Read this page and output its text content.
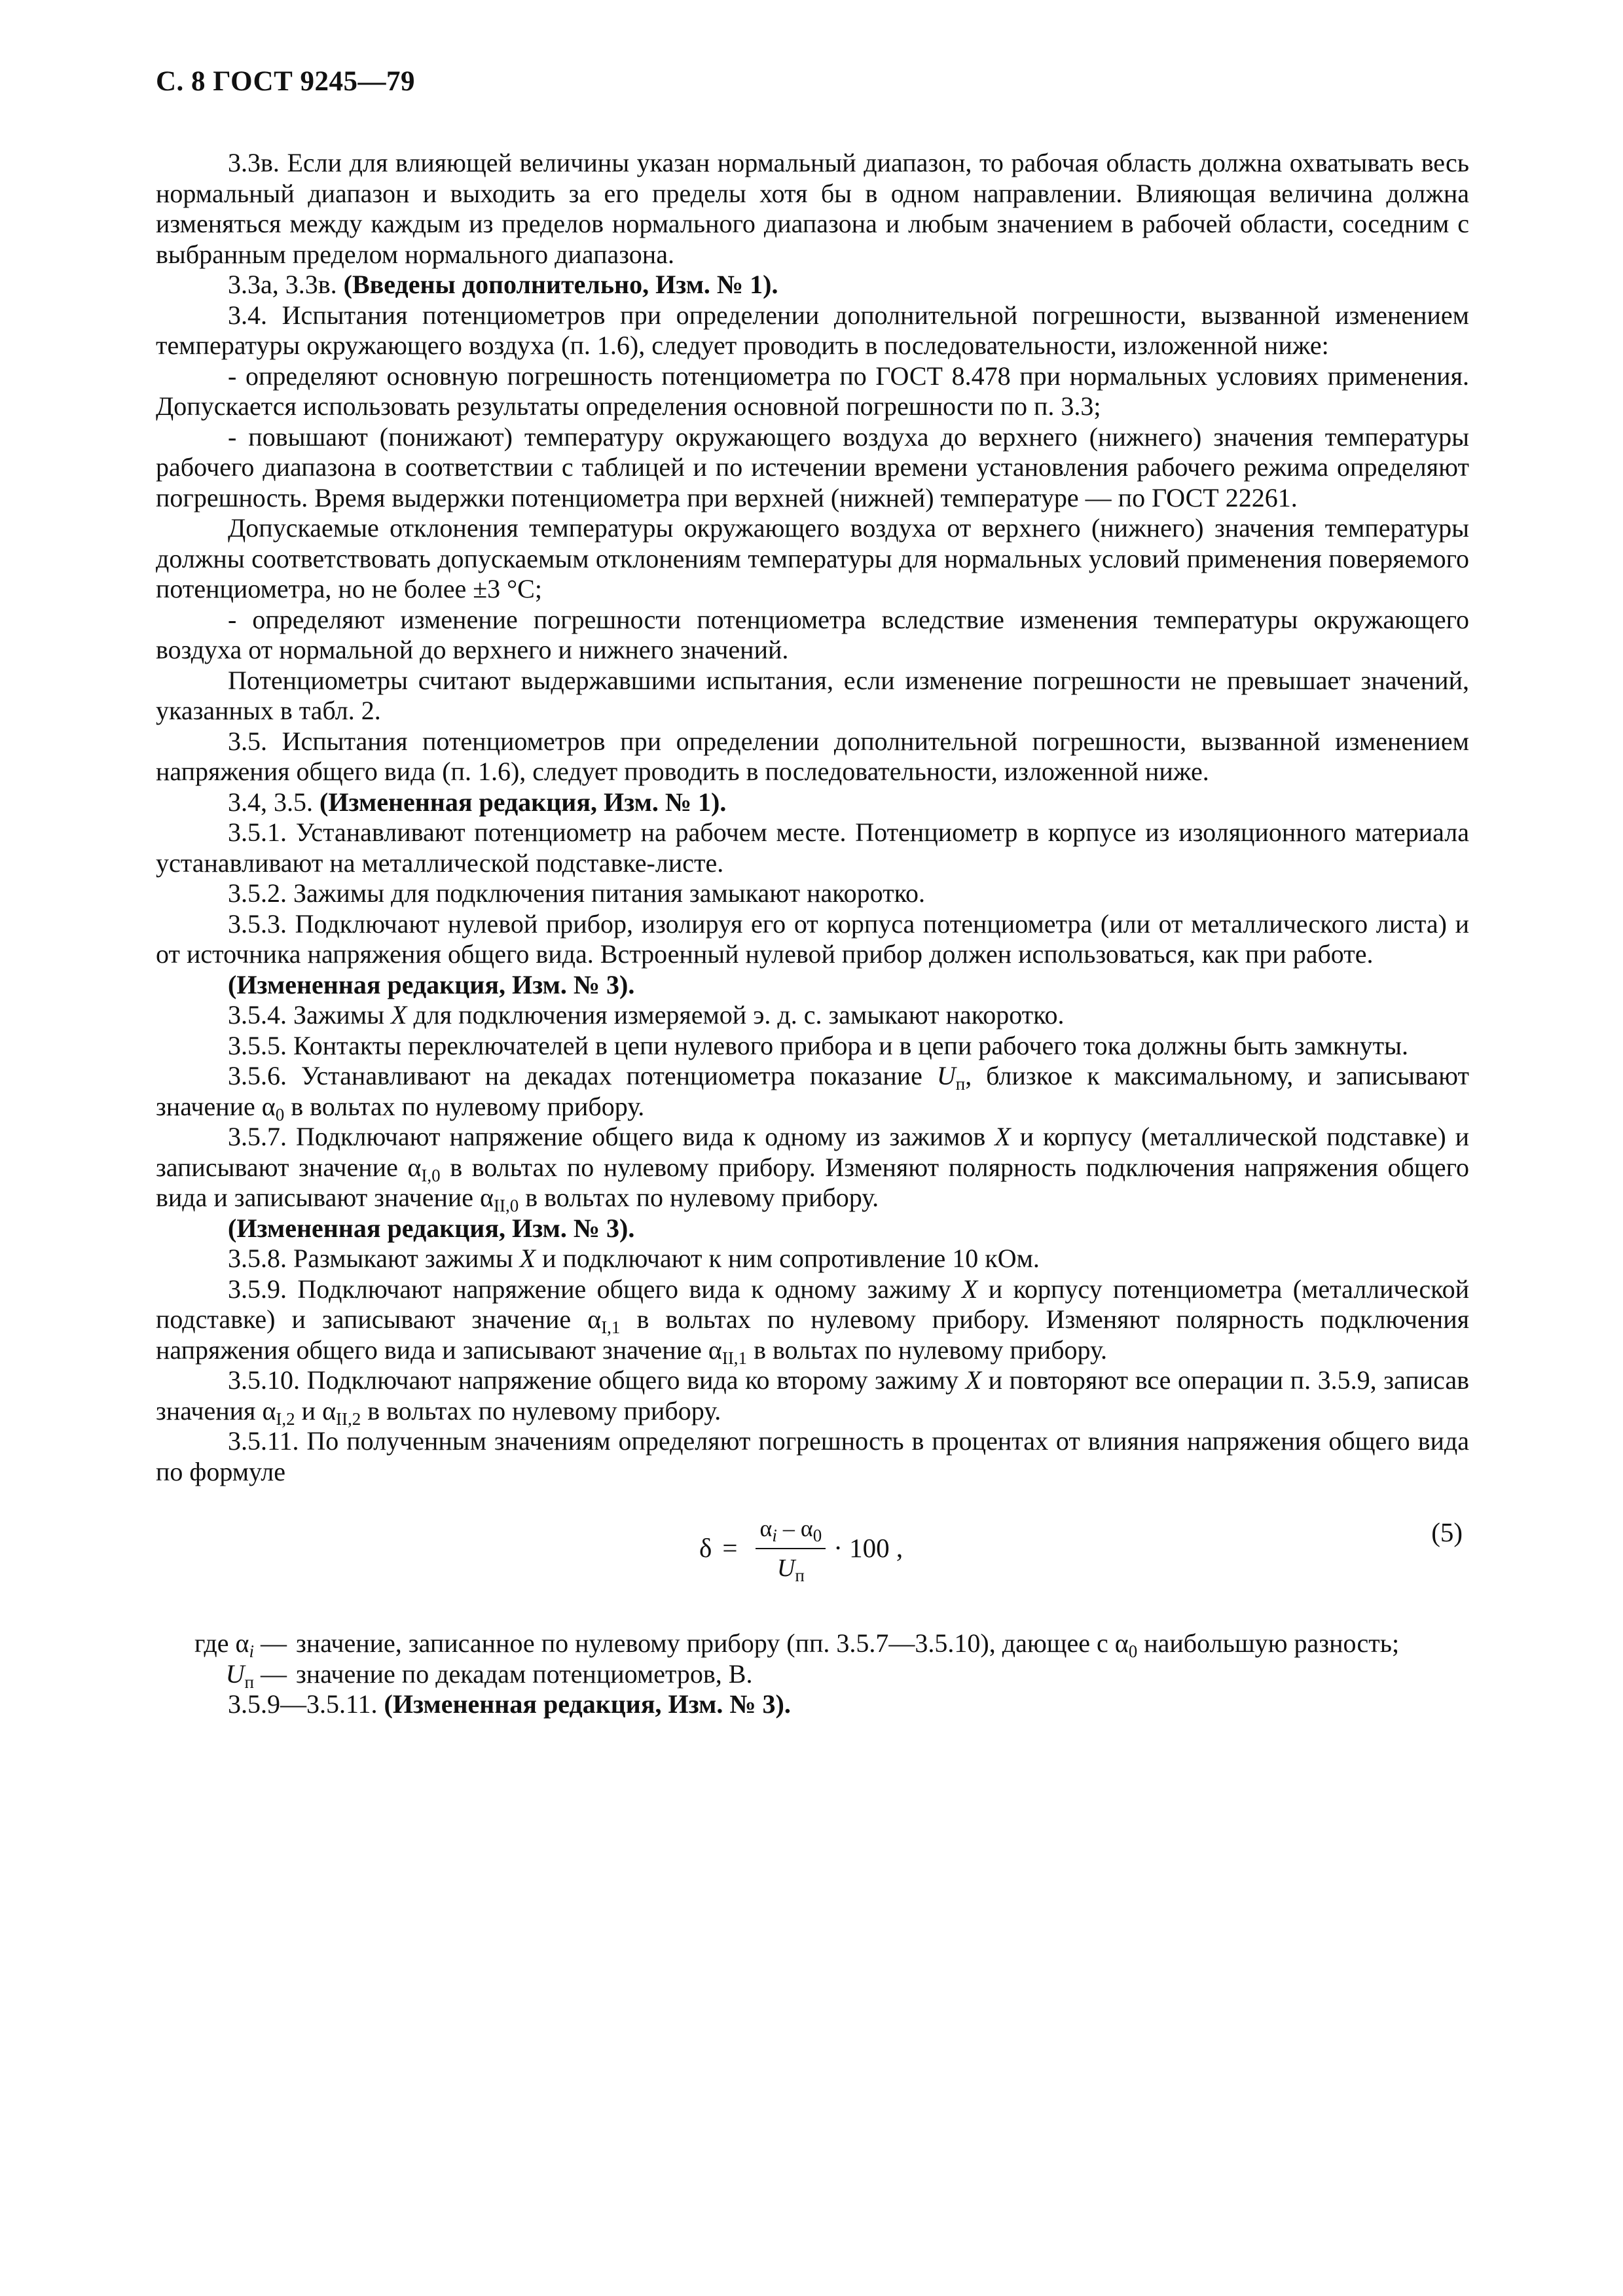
С. 8 ГОСТ 9245—79

3.3в. Если для влияющей величины указан нормальный диапазон, то рабочая область должна охватывать весь нормальный диапазон и выходить за его пределы хотя бы в одном направлении. Влияющая величина должна изменяться между каждым из пределов нормального диапазона и любым значением в рабочей области, соседним с выбранным пределом нормального диапазона.

3.3а, 3.3в. (Введены дополнительно, Изм. № 1).

3.4. Испытания потенциометров при определении дополнительной погрешности, вызванной изменением температуры окружающего воздуха (п. 1.6), следует проводить в последовательности, изложенной ниже:

- определяют основную погрешность потенциометра по ГОСТ 8.478 при нормальных условиях применения. Допускается использовать результаты определения основной погрешности по п. 3.3;

- повышают (понижают) температуру окружающего воздуха до верхнего (нижнего) значения температуры рабочего диапазона в соответствии с таблицей и по истечении времени установления рабочего режима определяют погрешность. Время выдержки потенциометра при верхней (нижней) температуре — по ГОСТ 22261.

Допускаемые отклонения температуры окружающего воздуха от верхнего (нижнего) значения температуры должны соответствовать допускаемым отклонениям температуры для нормальных условий применения поверяемого потенциометра, но не более ±3 °С;

- определяют изменение погрешности потенциометра вследствие изменения температуры окружающего воздуха от нормальной до верхнего и нижнего значений.

Потенциометры считают выдержавшими испытания, если изменение погрешности не превышает значений, указанных в табл. 2.

3.5. Испытания потенциометров при определении дополнительной погрешности, вызванной изменением напряжения общего вида (п. 1.6), следует проводить в последовательности, изложенной ниже.

3.4, 3.5. (Измененная редакция, Изм. № 1).

3.5.1. Устанавливают потенциометр на рабочем месте. Потенциометр в корпусе из изоляционного материала устанавливают на металлической подставке-листе.

3.5.2. Зажимы для подключения питания замыкают накоротко.

3.5.3. Подключают нулевой прибор, изолируя его от корпуса потенциометра (или от металлического листа) и от источника напряжения общего вида. Встроенный нулевой прибор должен использоваться, как при работе.

(Измененная редакция, Изм. № 3).

3.5.4. Зажимы X для подключения измеряемой э. д. с. замыкают накоротко.

3.5.5. Контакты переключателей в цепи нулевого прибора и в цепи рабочего тока должны быть замкнуты.

3.5.6. Устанавливают на декадах потенциометра показание $U_п$, близкое к максимальному, и записывают значение $\alpha_0$ в вольтах по нулевому прибору.

3.5.7. Подключают напряжение общего вида к одному из зажимов X и корпусу (металлической подставке) и записывают значение $\alpha_{I,0}$ в вольтах по нулевому прибору. Изменяют полярность подключения напряжения общего вида и записывают значение $\alpha_{II,0}$ в вольтах по нулевому прибору.

(Измененная редакция, Изм. № 3).

3.5.8. Размыкают зажимы X и подключают к ним сопротивление 10 кОм.

3.5.9. Подключают напряжение общего вида к одному зажиму X и корпусу потенциометра (металлической подставке) и записывают значение $\alpha_{I,1}$ в вольтах по нулевому прибору. Изменяют полярность подключения напряжения общего вида и записывают значение $\alpha_{II,1}$ в вольтах по нулевому прибору.

3.5.10. Подключают напряжение общего вида ко второму зажиму X и повторяют все операции п. 3.5.9, записав значения $\alpha_{I,2}$ и $\alpha_{II,2}$ в вольтах по нулевому прибору.

3.5.11. По полученным значениям определяют погрешность в процентах от влияния напряжения общего вида по формуле

$\delta = \frac{\alpha_i - \alpha_0}{U_п} \cdot 100$ ,
(5)
где $\alpha_i$ — значение, записанное по нулевому прибору (пп. 3.5.7—3.5.10), дающее с $\alpha_0$ наибольшую разность;
$U_п$ — значение по декадам потенциометров, В.

3.5.9—3.5.11. (Измененная редакция, Изм. № 3).
